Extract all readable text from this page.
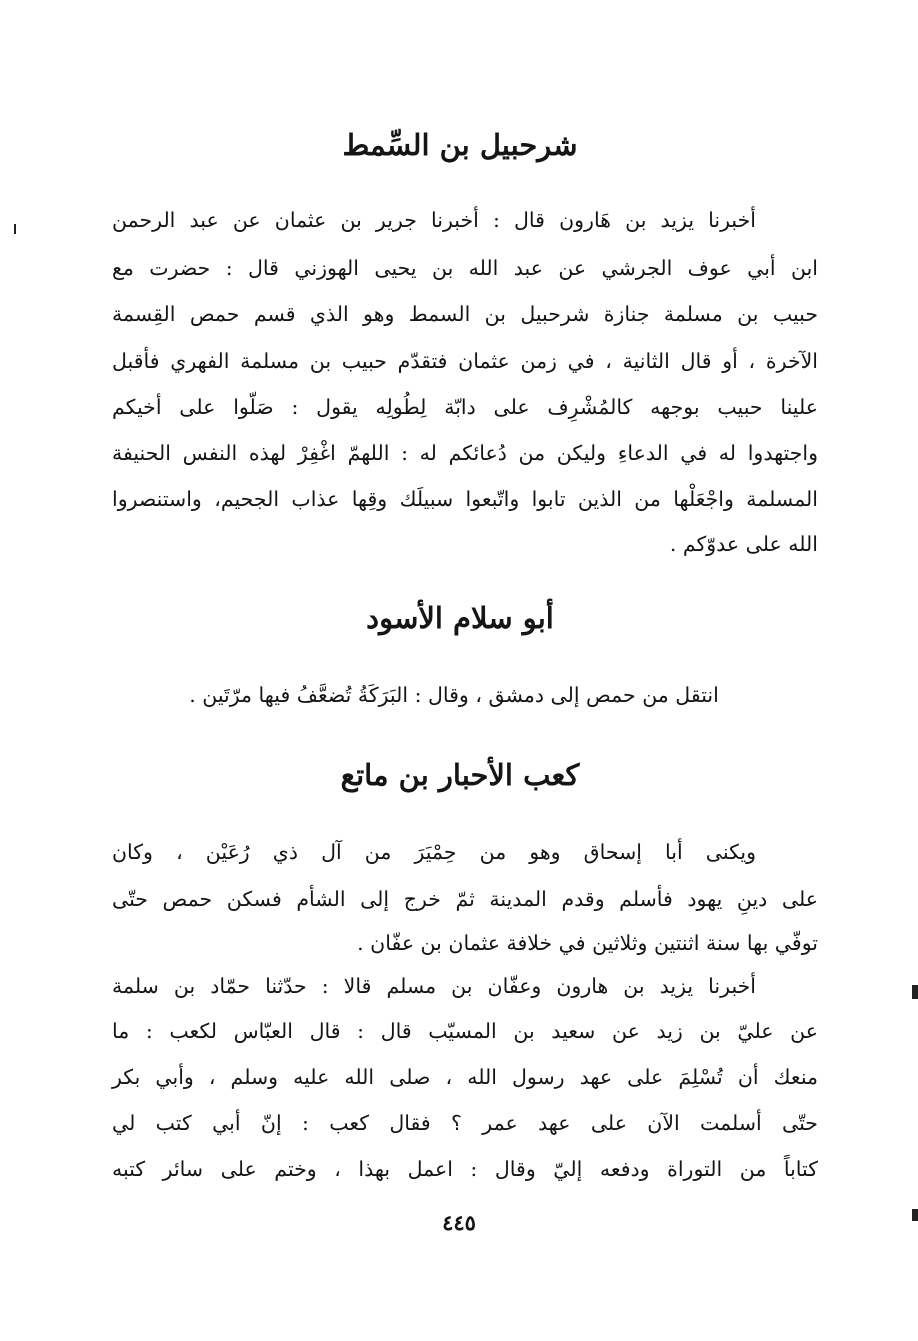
شرحبيل بن السِّمط
أخبرنا يزيد بن هَارون قال : أخبرنا جرير بن عثمان عن عبد الرحمن
ابن أبي عوف الجرشي عن عبد الله بن يحيى الهوزني قال : حضرت مع
حبيب بن مسلمة جنازة شرحبيل بن السمط وهو الذي قسم حمص القِسمة
الآخرة ، أو قال الثانية ، في زمن عثمان فتقدّم حبيب بن مسلمة الفهري فأقبل
علينا حبيب بوجهه كالمُشْرِف على دابّة لِطُولِه يقول : صَلّوا على أخيكم
واجتهدوا له في الدعاءِ وليكن من دُعائكم له : اللهمّ اغْفِرْ لهذه النفس الحنيفة
المسلمة واجْعَلْها من الذين تابوا واتّبعوا سبيلَك وقِها عذاب الجحيم، واستنصروا
الله على عدوّكم .
أبو سلام الأسود
انتقل من حمص إلى دمشق ، وقال : البَرَكَةُ تُضعَّفُ فيها مرّتَين .
كعب الأحبار بن ماتع
ويكنى أبا إسحاق وهو من حِمْيَرَ من آل ذي رُعَيْن ، وكان
على دينِ يهود فأسلم وقدم المدينة ثمّ خرج إلى الشأم فسكن حمص حتّى
توفّي بها سنة اثنتين وثلاثين في خلافة عثمان بن عفّان .
أخبرنا يزيد بن هارون وعفّان بن مسلم قالا : حدّثنا حمّاد بن سلمة
عن عليّ بن زيد عن سعيد بن المسيّب قال : قال العبّاس لكعب : ما
منعك أن تُسْلِمَ على عهد رسول الله ، صلى الله عليه وسلم ، وأبي بكر
حتّى أسلمت الآن على عهد عمر ؟ فقال كعب : إنّ أبي كتب لي
كتاباً من التوراة ودفعه إليّ وقال : اعمل بهذا ، وختم على سائر كتبه
٤٤٥
